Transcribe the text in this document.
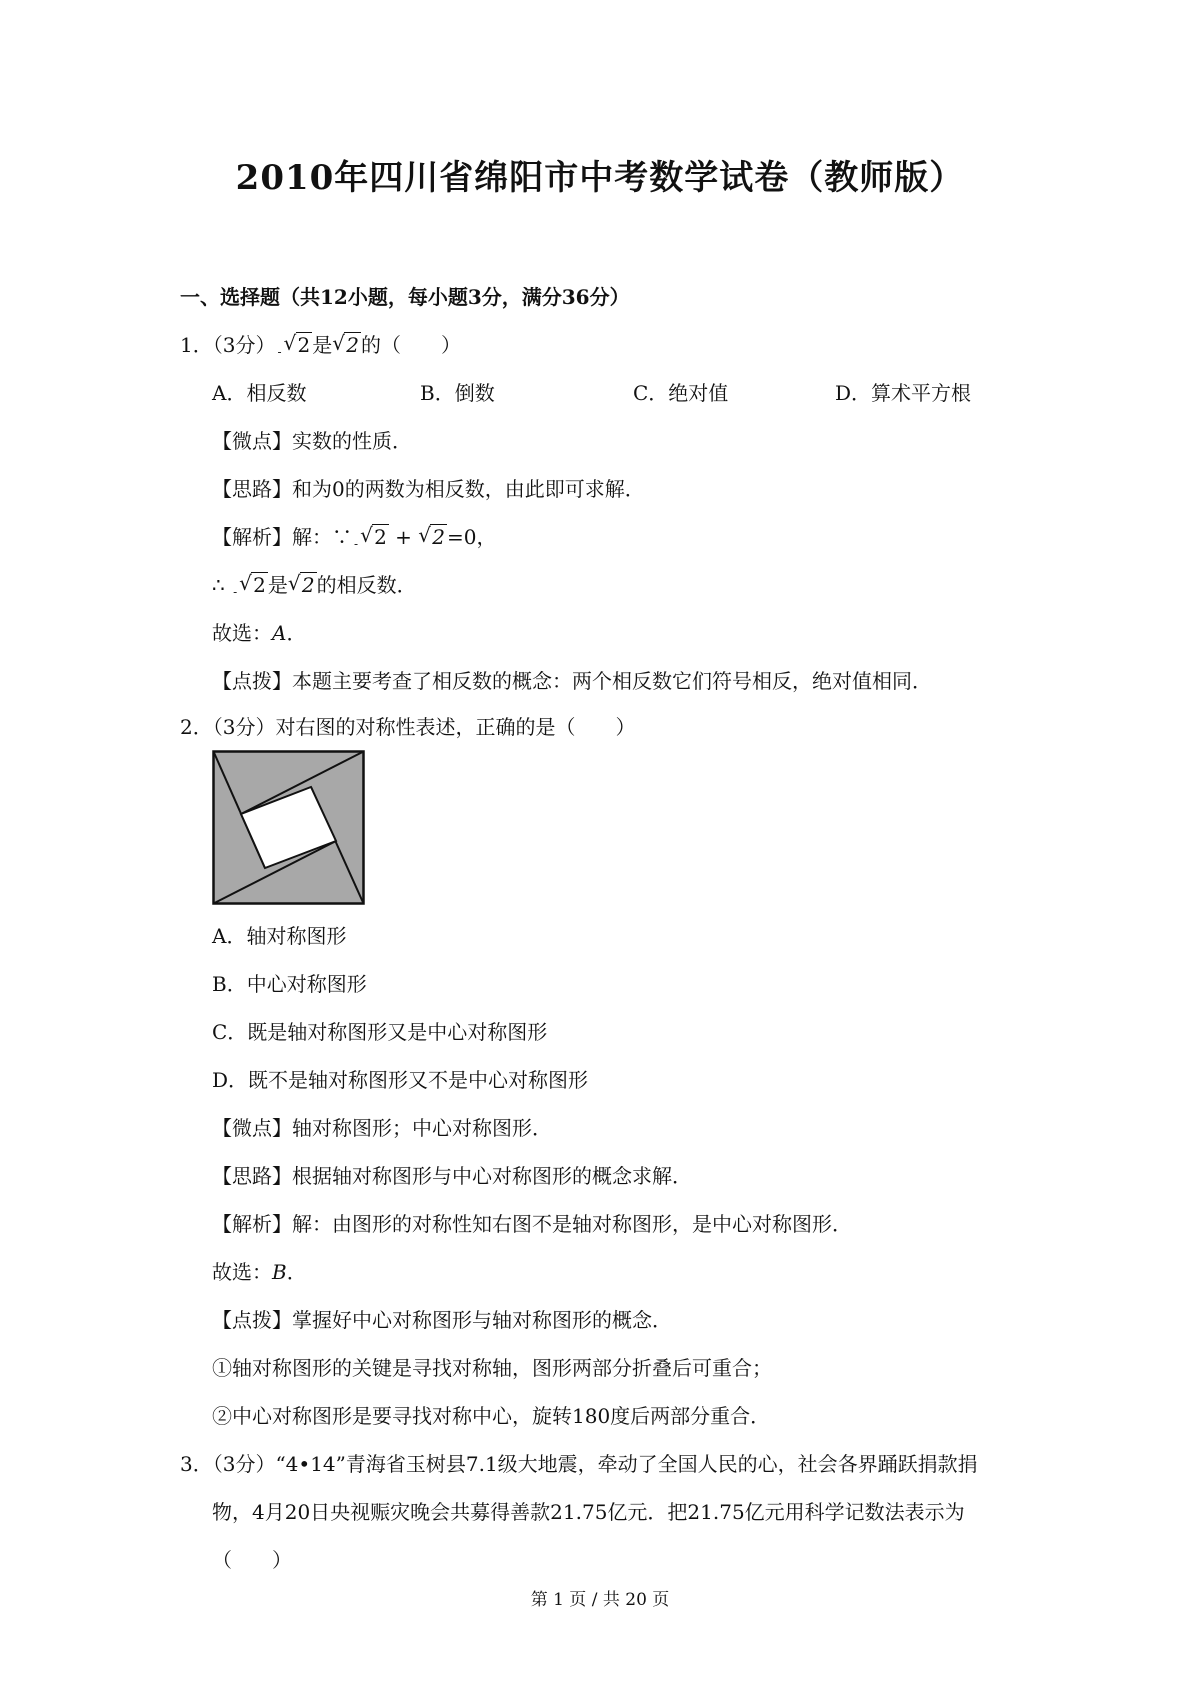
2010年四川省绵阳市中考数学试卷（教师版）
一、选择题（共12小题，每小题3分，满分36分）
1．（3分） $_-$ √ 2 是 √ 2 的（　　）
A．相反数	B．倒数	C．绝对值	D．算术平方根
【微点】实数的性质．
【思路】和为0的两数为相反数，由此即可求解．
【解析】解：∵ $_-$ √ 2 + √ 2 =0，
∴ $_-$ √ 2 是 √ 2 的相反数．
故选：A．
【点拨】本题主要考查了相反数的概念：两个相反数它们符号相反，绝对值相同．
2．（3分）对右图的对称性表述，正确的是（　　）
A．轴对称图形
B．中心对称图形
C．既是轴对称图形又是中心对称图形
D．既不是轴对称图形又不是中心对称图形
【微点】轴对称图形；中心对称图形．
【思路】根据轴对称图形与中心对称图形的概念求解．
【解析】解：由图形的对称性知右图不是轴对称图形，是中心对称图形．
故选：B．
【点拨】掌握好中心对称图形与轴对称图形的概念．
①轴对称图形的关键是寻找对称轴，图形两部分折叠后可重合；
②中心对称图形是要寻找对称中心，旋转180度后两部分重合．
3．（3分）“4•14”青海省玉树县7.1级大地震，牵动了全国人民的心，社会各界踊跃捐款捐
物，4月20日央视赈灾晚会共募得善款21.75亿元．把21.75亿元用科学记数法表示为
（　　）
第 1 页 / 共 20 页
